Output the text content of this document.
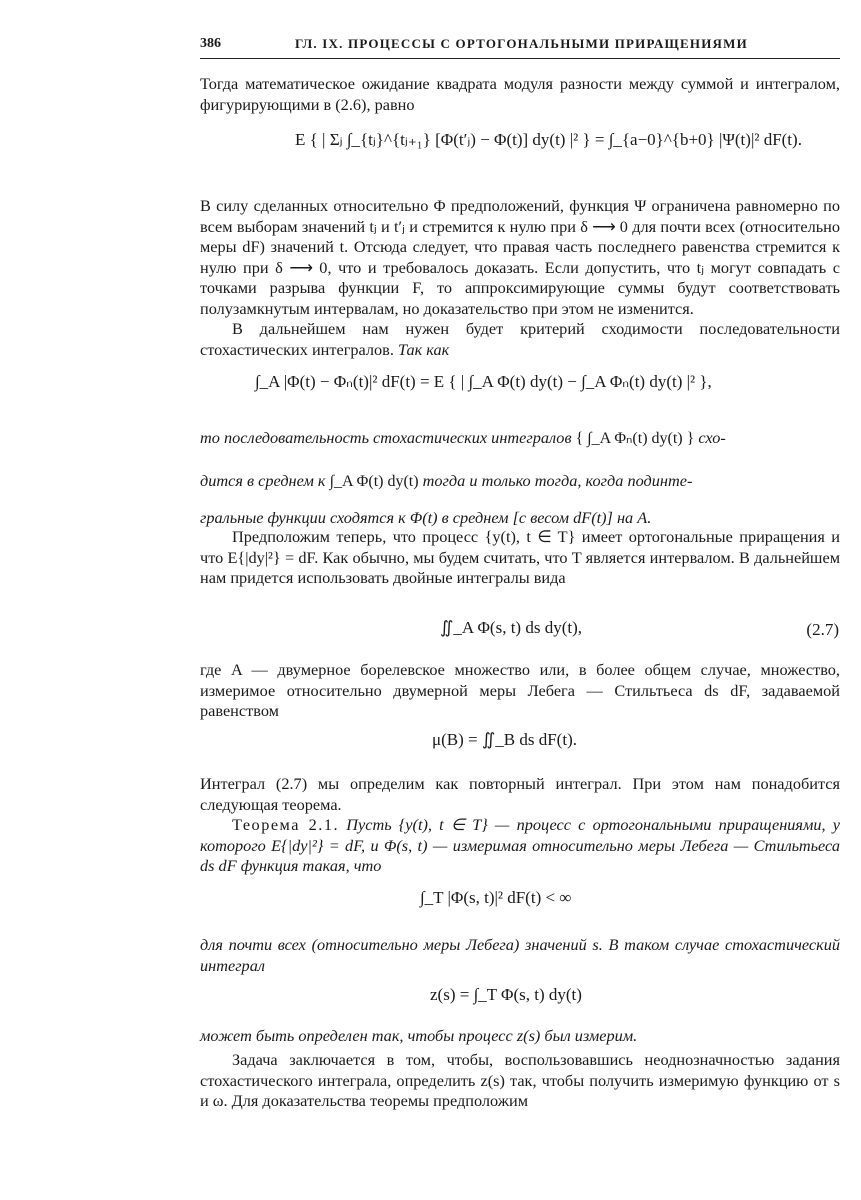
386	ГЛ. IX. ПРОЦЕССЫ С ОРТОГОНАЛЬНЫМИ ПРИРАЩЕНИЯМИ

Тогда математическое ожидание квадрата модуля разности между суммой и интегралом, фигурирующими в (2.6), равно

E { | Σⱼ ∫_{tⱼ}^{tⱼ₊₁} [Φ(t′ⱼ) − Φ(t)] dy(t) |² } = ∫_{a−0}^{b+0} |Ψ(t)|² dF(t).

В силу сделанных относительно Φ предположений, функция Ψ ограничена равномерно по всем выборам значений tⱼ и t′ⱼ и стремится к нулю при δ ⟶ 0 для почти всех (относительно меры dF) значений t. Отсюда следует, что правая часть последнего равенства стремится к нулю при δ ⟶ 0, что и требовалось доказать. Если допустить, что tⱼ могут совпадать с точками разрыва функции F, то аппроксимирующие суммы будут соответствовать полузамкнутым интервалам, но доказательство при этом не изменится.

В дальнейшем нам нужен будет критерий сходимости последовательности стохастических интегралов. Так как

∫_A |Φ(t) − Φₙ(t)|² dF(t) = E { | ∫_A Φ(t) dy(t) − ∫_A Φₙ(t) dy(t) |² },
то последовательность стохастических интегралов { ∫_A Φₙ(t) dy(t) } схо-
дится в среднем к ∫_A Φ(t) dy(t) тогда и только тогда, когда подинте-

гральные функции сходятся к Φ(t) в среднем [с весом dF(t)] на A.

Предположим теперь, что процесс {y(t), t ∈ T} имеет ортогональные приращения и что E{|dy|²} = dF. Как обычно, мы будем считать, что T является интервалом. В дальнейшем нам придется использовать двойные интегралы вида

∬_A Φ(s, t) ds dy(t),	(2.7)

где A — двумерное борелевское множество или, в более общем случае, множество, измеримое относительно двумерной меры Лебега — Стильтьеса ds dF, задаваемой равенством

μ(B) = ∬_B ds dF(t).

Интеграл (2.7) мы определим как повторный интеграл. При этом нам понадобится следующая теорема.

Теорема 2.1. Пусть {y(t), t ∈ T} — процесс с ортогональными приращениями, у которого E{|dy|²} = dF, и Φ(s, t) — измеримая относительно меры Лебега — Стильтьеса ds dF функция такая, что

∫_T |Φ(s, t)|² dF(t) < ∞

для почти всех (относительно меры Лебега) значений s. В таком случае стохастический интеграл

z(s) = ∫_T Φ(s, t) dy(t)

может быть определен так, чтобы процесс z(s) был измерим.

Задача заключается в том, чтобы, воспользовавшись неоднозначностью задания стохастического интеграла, определить z(s) так, чтобы получить измеримую функцию от s и ω. Для доказательства теоремы предположим
